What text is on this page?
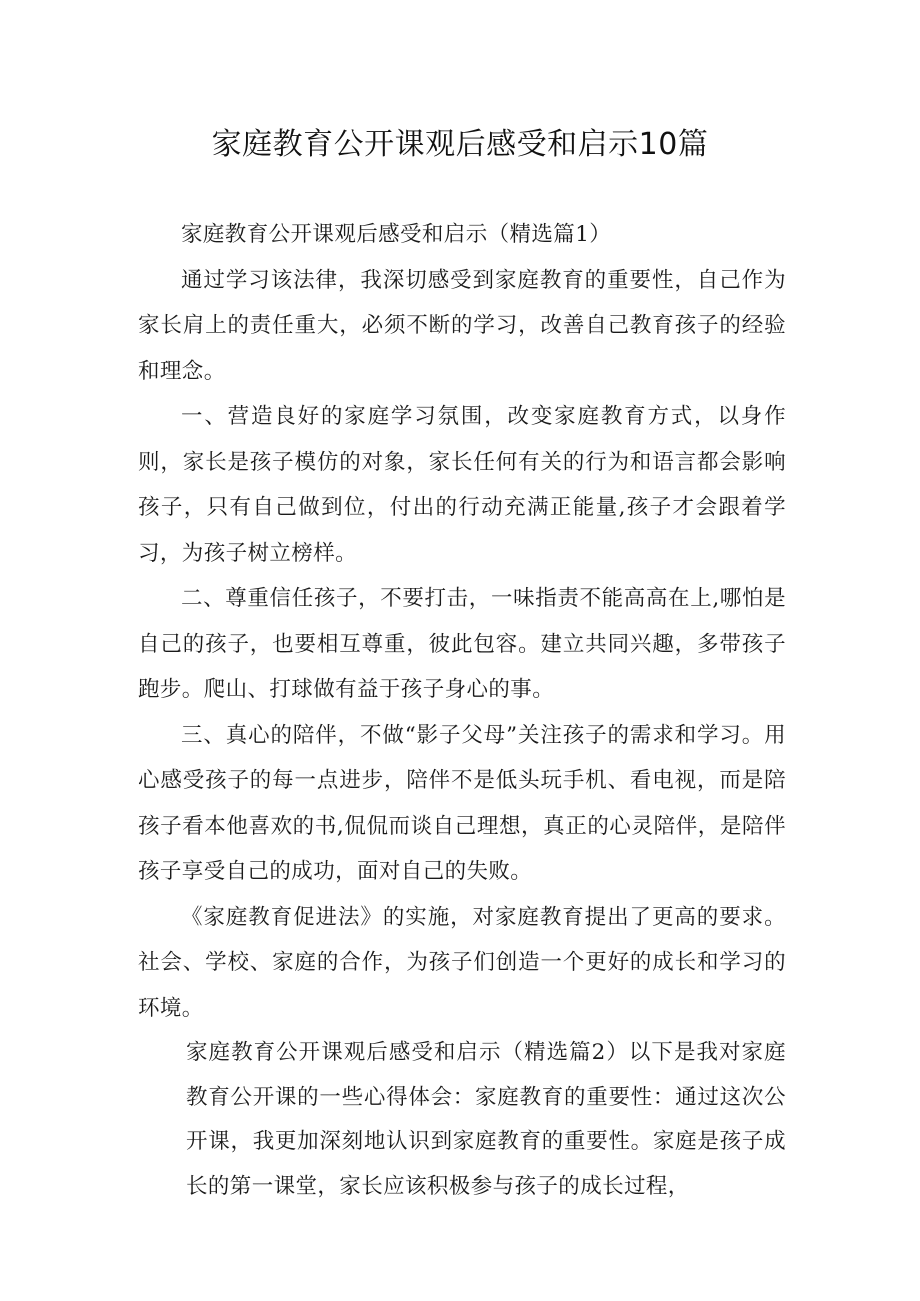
家庭教育公开课观后感受和启示10篇

家庭教育公开课观后感受和启示（精选篇1）

通过学习该法律，我深切感受到家庭教育的重要性，自己作为家长肩上的责任重大，必须不断的学习，改善自己教育孩子的经验和理念。

一、营造良好的家庭学习氛围，改变家庭教育方式，以身作则，家长是孩子模仿的对象，家长任何有关的行为和语言都会影响孩子，只有自己做到位，付出的行动充满正能量,孩子才会跟着学习，为孩子树立榜样。

二、尊重信任孩子，不要打击，一味指责不能高高在上,哪怕是自己的孩子，也要相互尊重，彼此包容。建立共同兴趣，多带孩子跑步。爬山、打球做有益于孩子身心的事。

三、真心的陪伴，不做“影子父母”关注孩子的需求和学习。用心感受孩子的每一点进步，陪伴不是低头玩手机、看电视，而是陪孩子看本他喜欢的书,侃侃而谈自己理想，真正的心灵陪伴，是陪伴孩子享受自己的成功，面对自己的失败。

《家庭教育促进法》的实施，对家庭教育提出了更高的要求。社会、学校、家庭的合作，为孩子们创造一个更好的成长和学习的环境。

家庭教育公开课观后感受和启示（精选篇2）以下是我对家庭教育公开课的一些心得体会：家庭教育的重要性：通过这次公开课，我更加深刻地认识到家庭教育的重要性。家庭是孩子成长的第一课堂，家长应该积极参与孩子的成长过程，
